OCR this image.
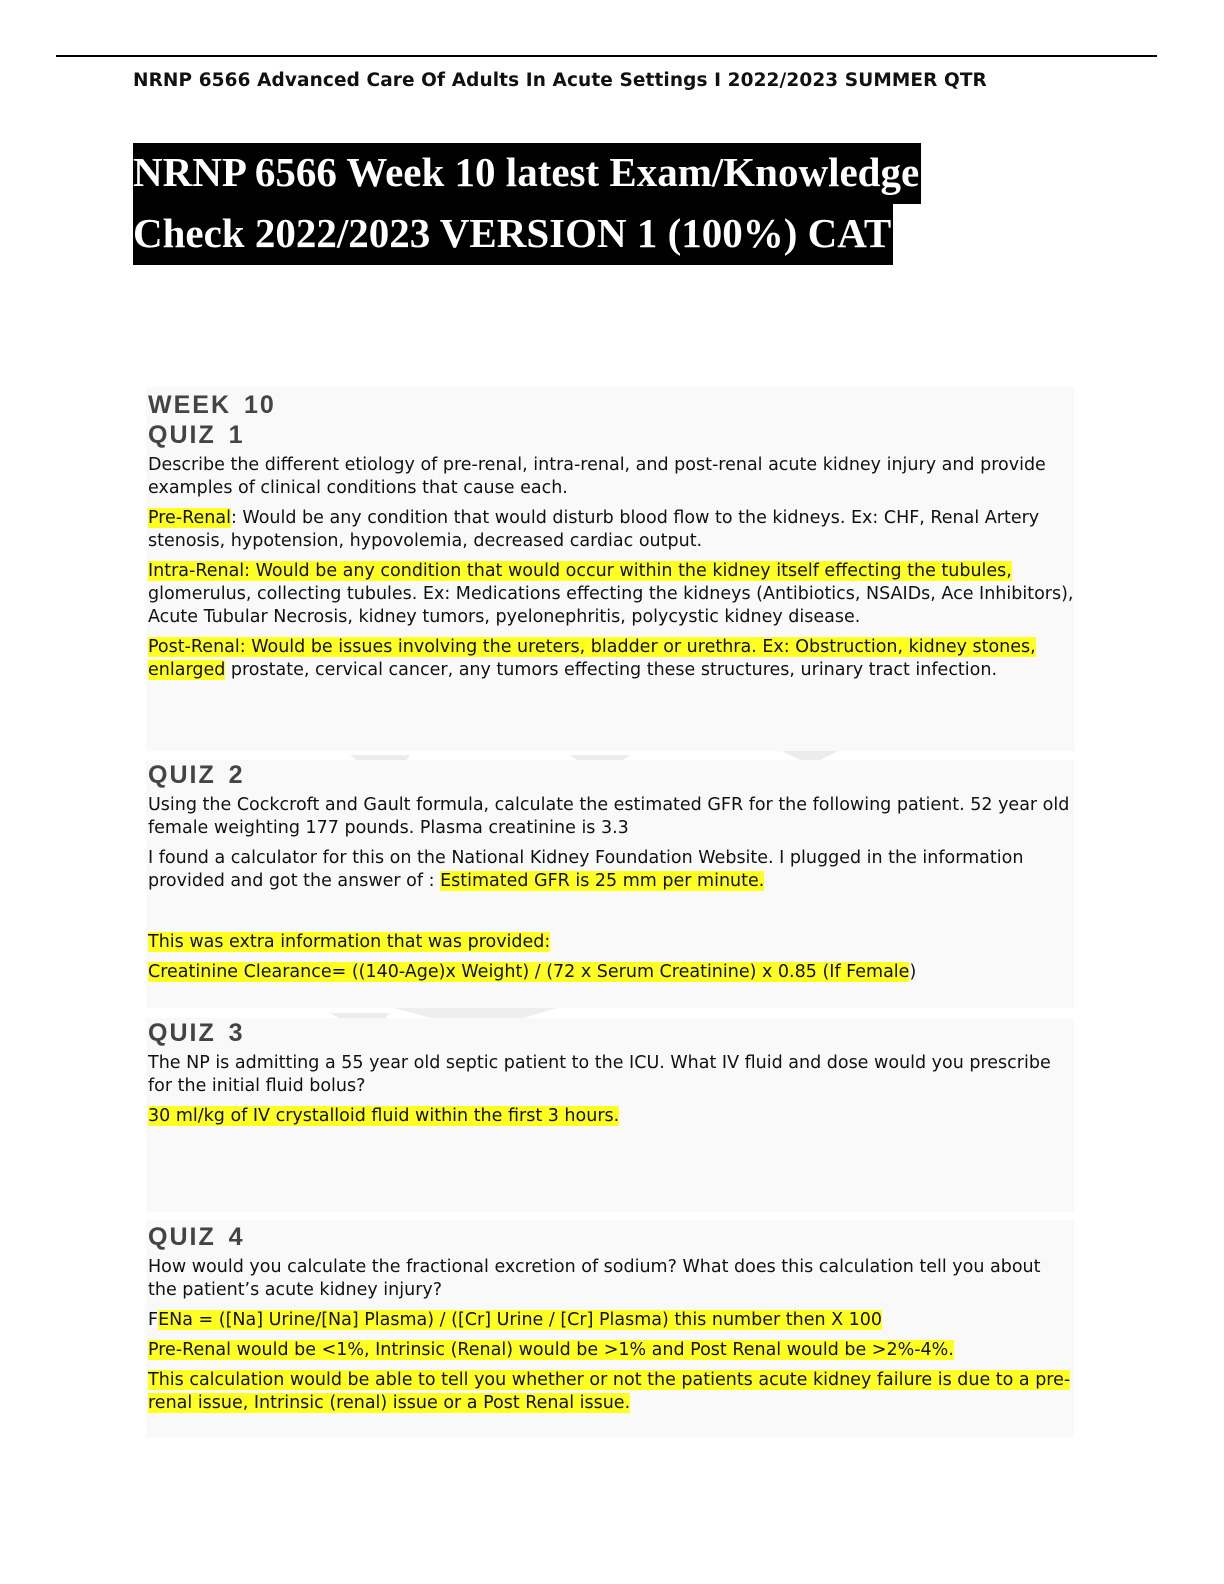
NRNP 6566 Advanced Care Of Adults In Acute Settings I 2022/2023 SUMMER QTR
NRNP 6566 Week 10 latest Exam/Knowledge
Check 2022/2023 VERSION 1 (100%) CAT
WEEK 10
QUIZ 1

Describe the different etiology of pre-renal, intra-renal, and post-renal acute kidney injury and provide examples of clinical conditions that cause each.

Pre-Renal: Would be any condition that would disturb blood flow to the kidneys. Ex: CHF, Renal Artery stenosis, hypotension, hypovolemia, decreased cardiac output.

Intra-Renal: Would be any condition that would occur within the kidney itself effecting the tubules, glomerulus, collecting tubules. Ex: Medications effecting the kidneys (Antibiotics, NSAIDs, Ace Inhibitors), Acute Tubular Necrosis, kidney tumors, pyelonephritis, polycystic kidney disease.

Post-Renal: Would be issues involving the ureters, bladder or urethra. Ex: Obstruction, kidney stones, enlarged prostate, cervical cancer, any tumors effecting these structures, urinary tract infection.

QUIZ 2

Using the Cockcroft and Gault formula, calculate the estimated GFR for the following patient. 52 year old female weighting 177 pounds. Plasma creatinine is 3.3

I found a calculator for this on the National Kidney Foundation Website. I plugged in the information provided and got the answer of : Estimated GFR is 25 mm per minute.

This was extra information that was provided:

Creatinine Clearance= ((140-Age)x Weight) / (72 x Serum Creatinine) x 0.85 (If Female)

QUIZ 3

The NP is admitting a 55 year old septic patient to the ICU. What IV fluid and dose would you prescribe for the initial fluid bolus?

30 ml/kg of IV crystalloid fluid within the first 3 hours.

QUIZ 4

How would you calculate the fractional excretion of sodium? What does this calculation tell you about the patient’s acute kidney injury?

FENa = ([Na] Urine/[Na] Plasma) / ([Cr] Urine / [Cr] Plasma) this number then X 100

Pre-Renal would be <1%, Intrinsic (Renal) would be >1% and Post Renal would be >2%-4%.

This calculation would be able to tell you whether or not the patients acute kidney failure is due to a pre-renal issue, Intrinsic (renal) issue or a Post Renal issue.
